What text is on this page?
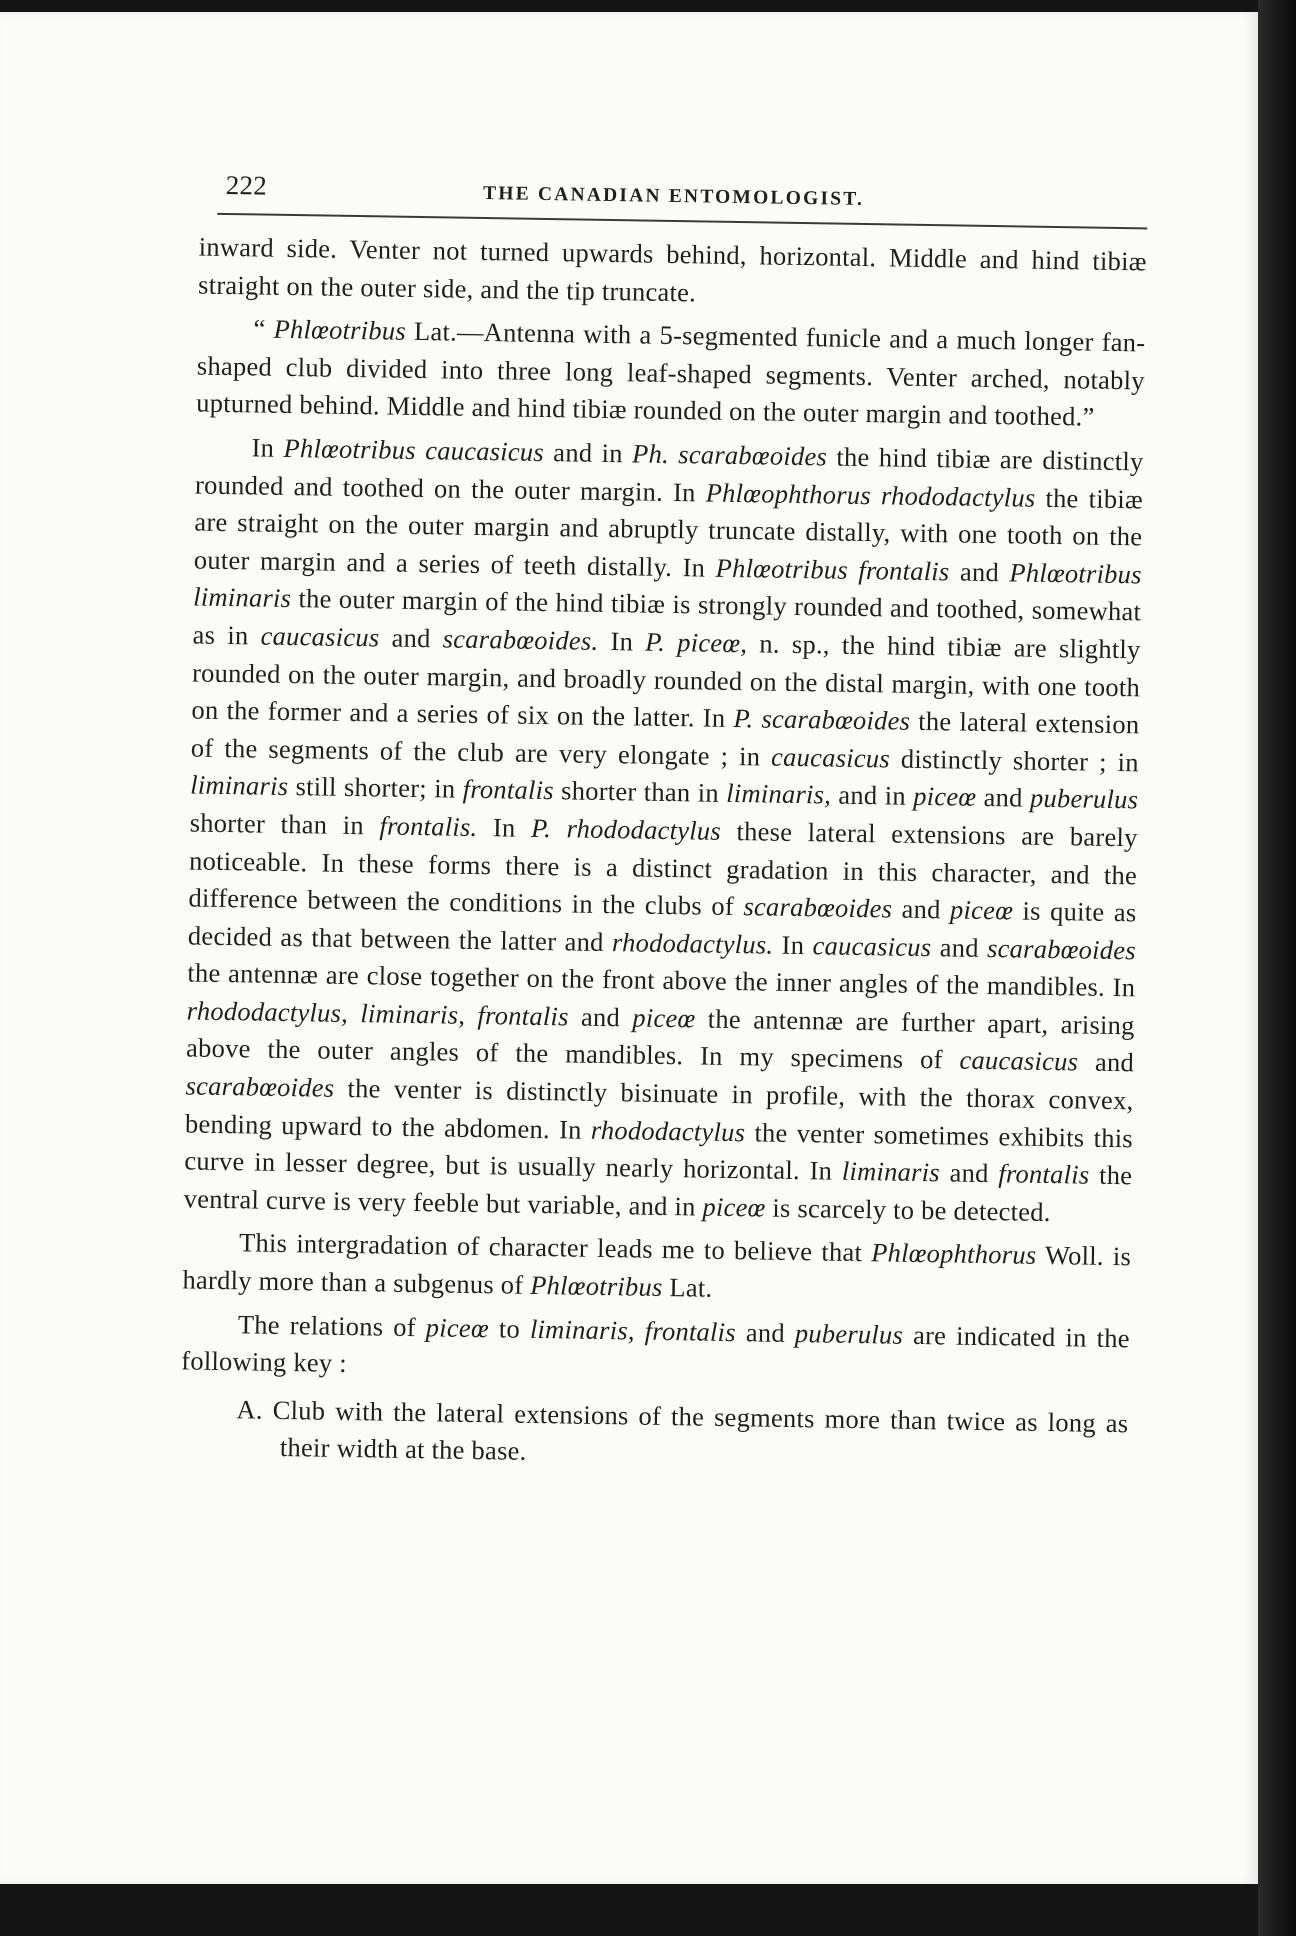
222	THE CANADIAN ENTOMOLOGIST.

inward side. Venter not turned upwards behind, horizontal. Middle and hind tibiæ straight on the outer side, and the tip truncate.

“ Phlœotribus Lat.—Antenna with a 5-segmented funicle and a much longer fan-shaped club divided into three long leaf-shaped segments. Venter arched, notably upturned behind. Middle and hind tibiæ rounded on the outer margin and toothed.”

In Phlœotribus caucasicus and in Ph. scarabœoides the hind tibiæ are distinctly rounded and toothed on the outer margin. In Phlœophthorus rhododactylus the tibiæ are straight on the outer margin and abruptly truncate distally, with one tooth on the outer margin and a series of teeth distally. In Phlœotribus frontalis and Phlœotribus liminaris the outer margin of the hind tibiæ is strongly rounded and toothed, somewhat as in caucasicus and scarabœoides. In P. piceœ, n. sp., the hind tibiæ are slightly rounded on the outer margin, and broadly rounded on the distal margin, with one tooth on the former and a series of six on the latter. In P. scarabœoides the lateral extension of the segments of the club are very elongate ; in caucasicus distinctly shorter ; in liminaris still shorter; in frontalis shorter than in liminaris, and in piceœ and puberulus shorter than in frontalis. In P. rhododactylus these lateral extensions are barely noticeable. In these forms there is a distinct gradation in this character, and the difference between the conditions in the clubs of scarabœoides and piceœ is quite as decided as that between the latter and rhododactylus. In caucasicus and scarabœoides the antennæ are close together on the front above the inner angles of the mandibles. In rhododactylus, liminaris, frontalis and piceœ the antennæ are further apart, arising above the outer angles of the mandibles. In my specimens of caucasicus and scarabœoides the venter is distinctly bisinuate in profile, with the thorax convex, bending upward to the abdomen. In rhododactylus the venter sometimes exhibits this curve in lesser degree, but is usually nearly horizontal. In liminaris and frontalis the ventral curve is very feeble but variable, and in piceœ is scarcely to be detected.

This intergradation of character leads me to believe that Phlœophthorus Woll. is hardly more than a subgenus of Phlœotribus Lat.

The relations of piceœ to liminaris, frontalis and puberulus are indicated in the following key :

A. Club with the lateral extensions of the segments more than twice as long as their width at the base.
